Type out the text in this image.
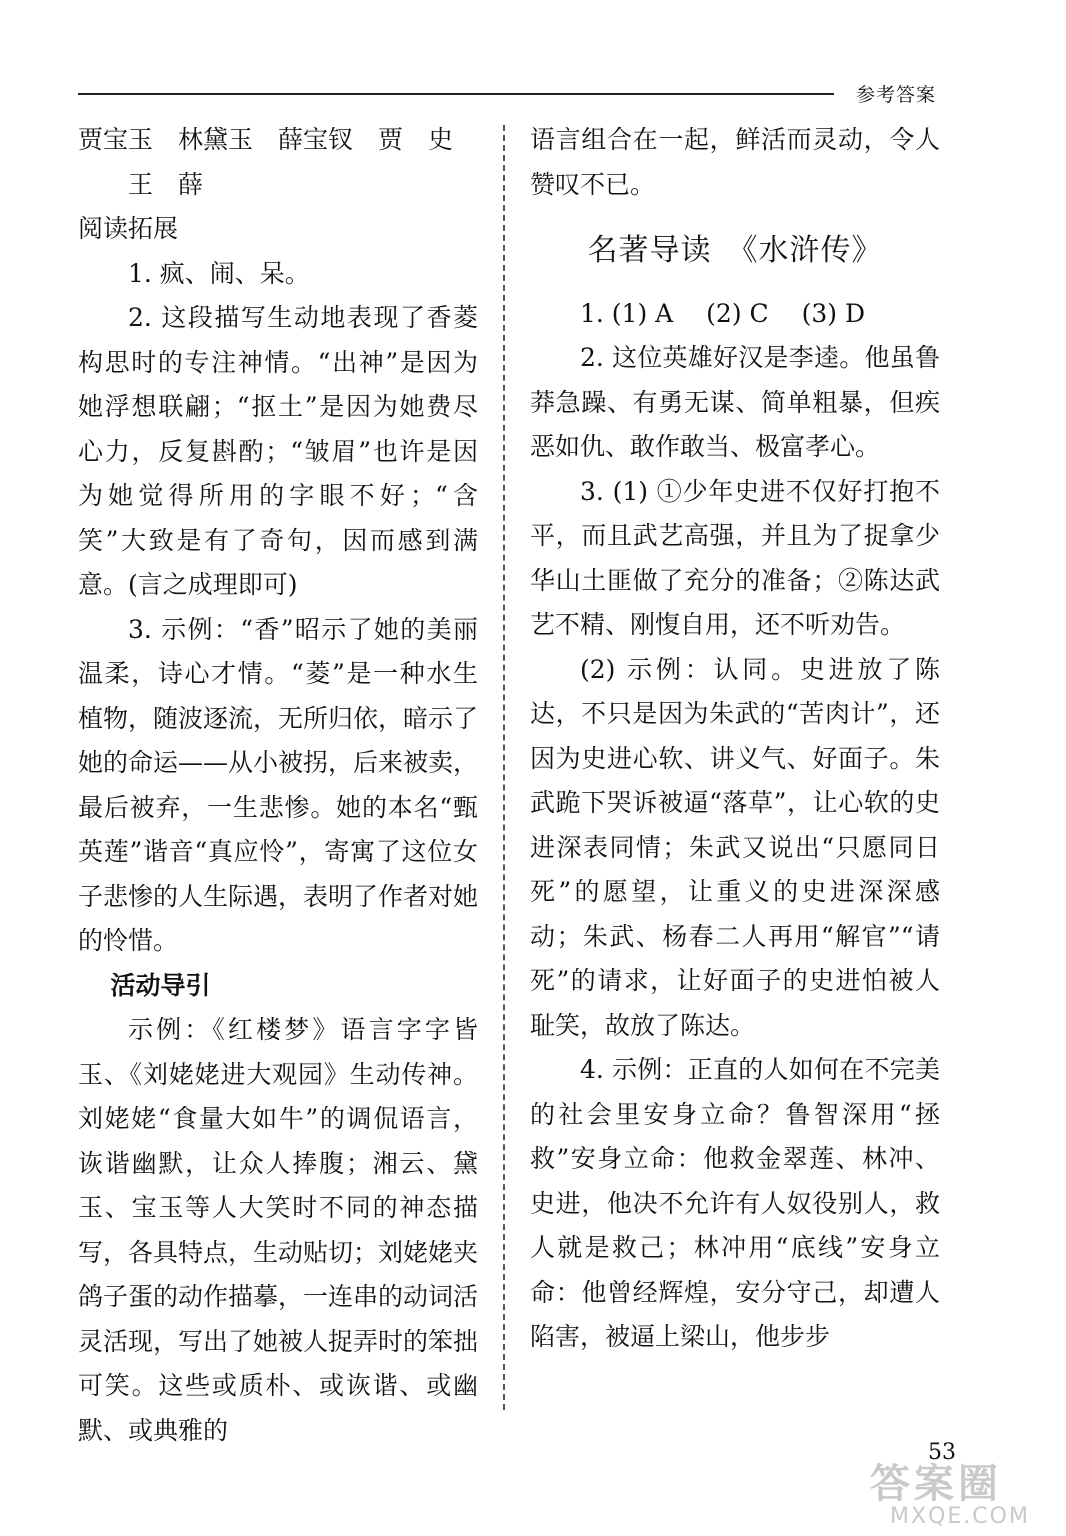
参考答案

贾宝玉　林黛玉　薛宝钗　贾　史

王　薛

阅读拓展

1. 疯、闹、呆。

2. 这段描写生动地表现了香菱构思时的专注神情。“出神”是因为她浮想联翩；“抠土”是因为她费尽心力，反复斟酌；“皱眉”也许是因为她觉得所用的字眼不好；“含笑”大致是有了奇句，因而感到满意。(言之成理即可)

3. 示例：“香”昭示了她的美丽温柔，诗心才情。“菱”是一种水生植物，随波逐流，无所归依，暗示了她的命运——从小被拐，后来被卖，最后被弃，一生悲惨。她的本名“甄英莲”谐音“真应怜”，寄寓了这位女子悲惨的人生际遇，表明了作者对她的怜惜。

活动导引

示例：《红楼梦》语言字字皆玉、《刘姥姥进大观园》生动传神。刘姥姥“食量大如牛”的调侃语言，诙谐幽默，让众人捧腹；湘云、黛玉、宝玉等人大笑时不同的神态描写，各具特点，生动贴切；刘姥姥夹鸽子蛋的动作描摹，一连串的动词活灵活现，写出了她被人捉弄时的笨拙可笑。这些或质朴、或诙谐、或幽默、或典雅的

语言组合在一起，鲜活而灵动，令人赞叹不已。

名著导读　《水浒传》

1. (1) A　 (2) C　 (3) D

2. 这位英雄好汉是李逵。他虽鲁莽急躁、有勇无谋、简单粗暴，但疾恶如仇、敢作敢当、极富孝心。

3. (1) ①少年史进不仅好打抱不平，而且武艺高强，并且为了捉拿少华山土匪做了充分的准备；②陈达武艺不精、刚愎自用，还不听劝告。

(2) 示例：认同。史进放了陈达，不只是因为朱武的“苦肉计”，还因为史进心软、讲义气、好面子。朱武跪下哭诉被逼“落草”，让心软的史进深表同情；朱武又说出“只愿同日死”的愿望，让重义的史进深深感动；朱武、杨春二人再用“解官”“请死”的请求，让好面子的史进怕被人耻笑，故放了陈达。

4. 示例：正直的人如何在不完美的社会里安身立命？鲁智深用“拯救”安身立命：他救金翠莲、林冲、史进，他决不允许有人奴役别人，救人就是救己；林冲用“底线”安身立命：他曾经辉煌，安分守己，却遭人陷害，被逼上梁山，他步步

53
答案圈
MXQE.COM
